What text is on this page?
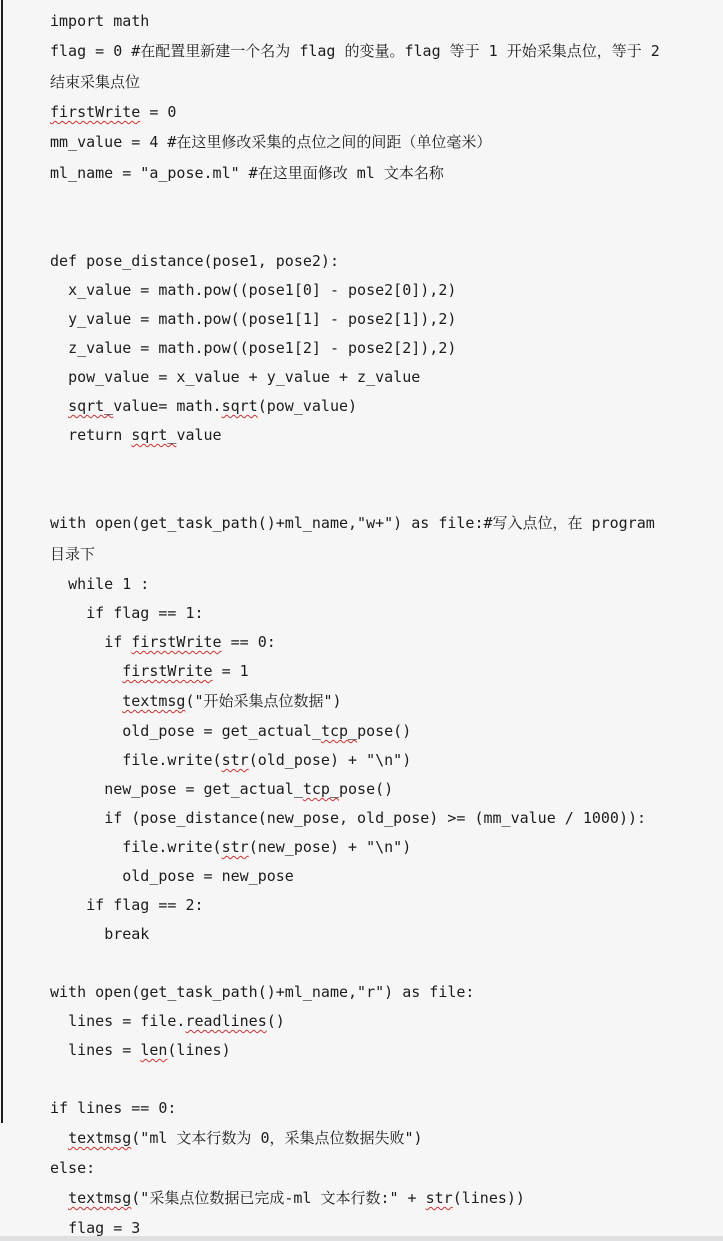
import math
flag = 0 #在配置里新建一个名为 flag 的变量。flag 等于 1 开始采集点位，等于 2
结束采集点位
firstWrite = 0
mm_value = 4 #在这里修改采集的点位之间的间距（单位毫米）
ml_name = "a_pose.ml" #在这里面修改 ml 文本名称

def pose_distance(pose1, pose2):
x_value = math.pow((pose1[0] - pose2[0]),2)
y_value = math.pow((pose1[1] - pose2[1]),2)
z_value = math.pow((pose1[2] - pose2[2]),2)
pow_value = x_value + y_value + z_value
sqrt_value= math.sqrt(pow_value)
return sqrt_value

with open(get_task_path()+ml_name,"w+") as file:#写入点位，在 program
目录下
while 1 :
if flag == 1:
if firstWrite == 0:
firstWrite = 1
textmsg("开始采集点位数据")
old_pose = get_actual_tcp_pose()
file.write(str(old_pose) + "\n")
new_pose = get_actual_tcp_pose()
if (pose_distance(new_pose, old_pose) >= (mm_value / 1000)):
file.write(str(new_pose) + "\n")
old_pose = new_pose
if flag == 2:
break

with open(get_task_path()+ml_name,"r") as file:
lines = file.readlines()
lines = len(lines)

if lines == 0:
textmsg("ml 文本行数为 0，采集点位数据失败")
else:
textmsg("采集点位数据已完成-ml 文本行数:" + str(lines))
flag = 3
